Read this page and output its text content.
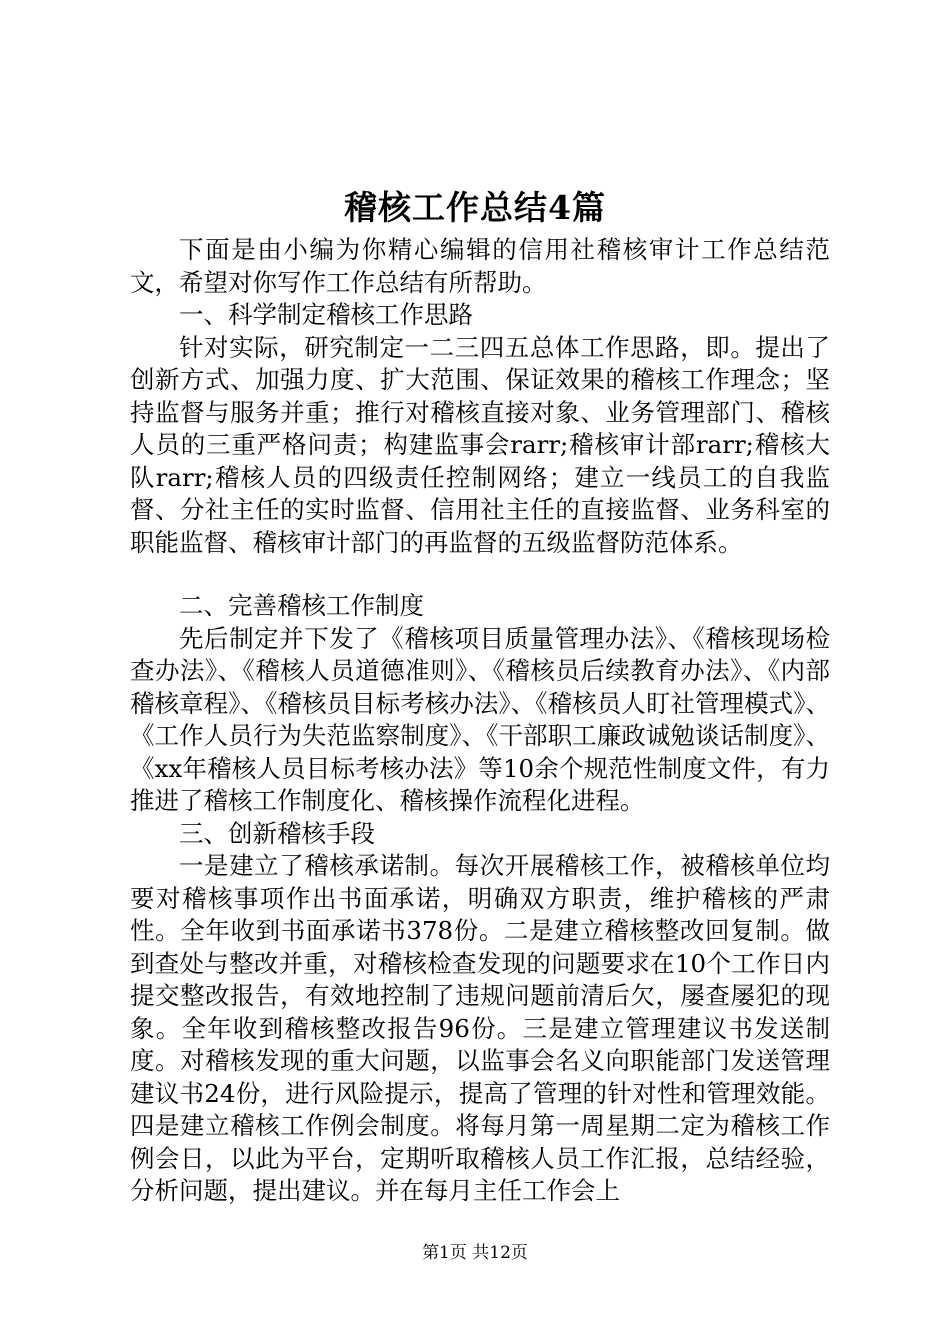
稽核工作总结4篇

下面是由小编为你精心编辑的信用社稽核审计工作总结范文，希望对你写作工作总结有所帮助。

一、科学制定稽核工作思路

针对实际，研究制定一二三四五总体工作思路，即。提出了创新方式、加强力度、扩大范围、保证效果的稽核工作理念；坚持监督与服务并重；推行对稽核直接对象、业务管理部门、稽核人员的三重严格问责；构建监事会rarr;稽核审计部rarr;稽核大队rarr;稽核人员的四级责任控制网络；建立一线员工的自我监督、分社主任的实时监督、信用社主任的直接监督、业务科室的职能监督、稽核审计部门的再监督的五级监督防范体系。

二、完善稽核工作制度

先后制定并下发了《稽核项目质量管理办法》、《稽核现场检查办法》、《稽核人员道德准则》、《稽核员后续教育办法》、《内部稽核章程》、《稽核员目标考核办法》、《稽核员人盯社管理模式》、《工作人员行为失范监察制度》、《干部职工廉政诚勉谈话制度》、《xx年稽核人员目标考核办法》等10余个规范性制度文件，有力推进了稽核工作制度化、稽核操作流程化进程。

三、创新稽核手段

一是建立了稽核承诺制。每次开展稽核工作，被稽核单位均要对稽核事项作出书面承诺，明确双方职责，维护稽核的严肃性。全年收到书面承诺书378份。二是建立稽核整改回复制。做到查处与整改并重，对稽核检查发现的问题要求在10个工作日内提交整改报告，有效地控制了违规问题前清后欠，屡查屡犯的现象。全年收到稽核整改报告96份。三是建立管理建议书发送制度。对稽核发现的重大问题，以监事会名义向职能部门发送管理建议书24份，进行风险提示，提高了管理的针对性和管理效能。四是建立稽核工作例会制度。将每月第一周星期二定为稽核工作例会日，以此为平台，定期听取稽核人员工作汇报，总结经验，分析问题，提出建议。并在每月主任工作会上

第1页 共12页
